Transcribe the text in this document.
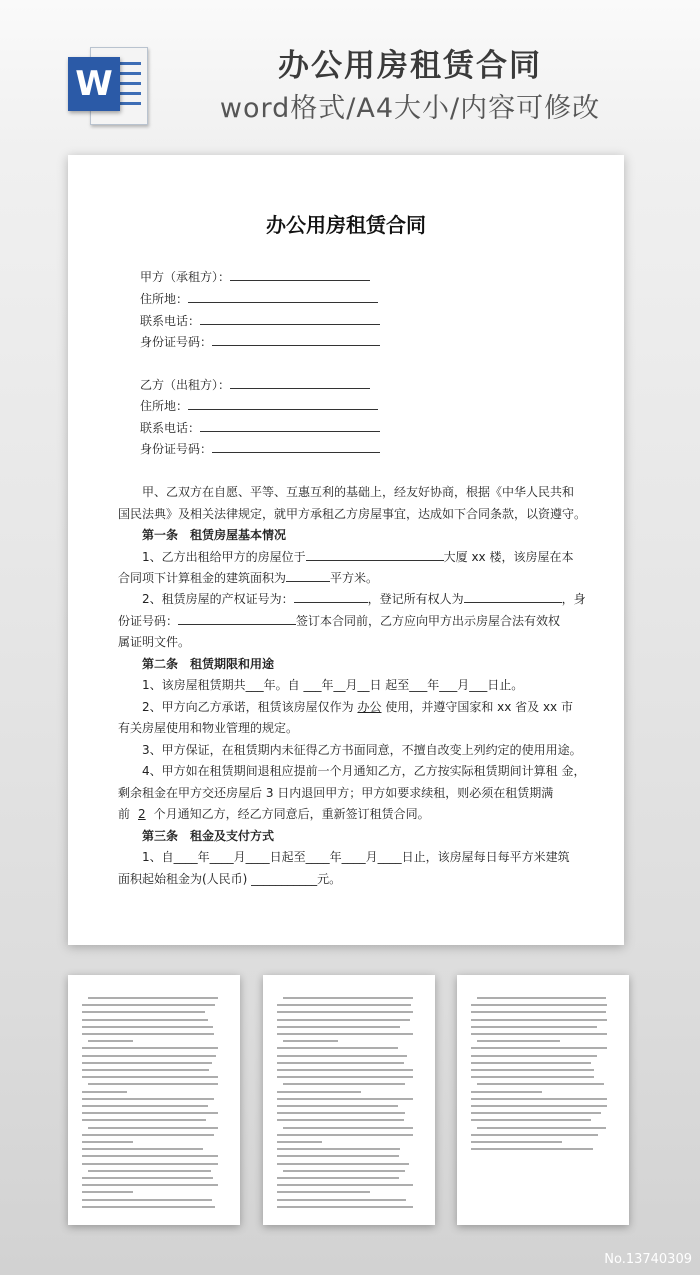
W	办公用房租赁合同
word格式/A4大小/内容可修改
办公用房租赁合同
甲方（承租方）：
住所地：
联系电话：
身份证号码：
乙方（出租方）：
住所地：
联系电话：
身份证号码：
甲、乙双方在自愿、平等、互惠互利的基础上，经友好协商，根据《中华人民共和
国民法典》及相关法律规定，就甲方承租乙方房屋事宜，达成如下合同条款，以资遵守。
第一条　租赁房屋基本情况
1、乙方出租给甲方的房屋位于	大厦 xx 楼，该房屋在本
合同项下计算租金的建筑面积为	平方米。
2、租赁房屋的产权证号为：	，登记所有权人为	，身
份证号码：	签订本合同前，乙方应向甲方出示房屋合法有效权
属证明文件。
第二条　租赁期限和用途
1、该房屋租赁期共___年。自 ___年__月__日 起至___年___月___日止。
2、甲方向乙方承诺，租赁该房屋仅作为 办公 使用，并遵守国家和 xx 省及 xx 市
有关房屋使用和物业管理的规定。
3、甲方保证，在租赁期内未征得乙方书面同意，不擅自改变上列约定的使用用途。
4、甲方如在租赁期间退租应提前一个月通知乙方，乙方按实际租赁期间计算租 金，
剩余租金在甲方交还房屋后 3 日内退回甲方；甲方如要求续租，则必须在租赁期满
前 2 个月通知乙方，经乙方同意后，重新签订租赁合同。
第三条　租金及支付方式
1、自____年____月____日起至____年____月____日止，该房屋每日每平方米建筑
面积起始租金为(人民币) ___________元。
No.13740309
